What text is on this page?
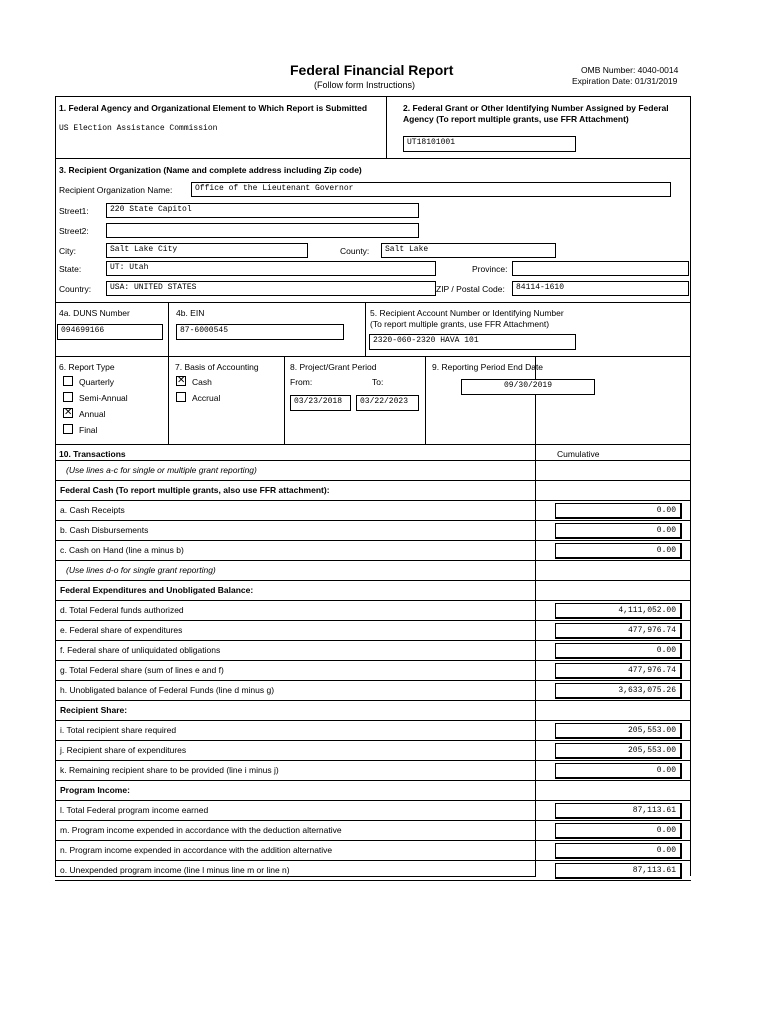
Federal Financial Report
(Follow form Instructions)
OMB Number: 4040-0014
Expiration Date: 01/31/2019
1. Federal Agency and Organizational Element to Which Report is Submitted
US Election Assistance Commission
2. Federal Grant or Other Identifying Number Assigned by Federal
Agency (To report multiple grants, use FFR Attachment)
UT18101001
3. Recipient Organization (Name and complete address including Zip code)
Recipient Organization Name:	Office of the Lieutenant Governor
Street1:	220 State Capitol
Street2:
City:	Salt Lake City	County:	Salt Lake
State:	UT: Utah	Province:
Country:	USA: UNITED STATES	ZIP / Postal Code:	84114-1610
4a. DUNS Number
094699166
4b. EIN
87-6000545
5. Recipient Account Number or Identifying Number
(To report multiple grants, use FFR Attachment)
2320-060-2320 HAVA 101
6. Report Type
Quarterly
Semi-Annual
✕ Annual
Final
7. Basis of Accounting
✕ Cash
Accrual
8. Project/Grant Period
From:
03/23/2018
To:
03/22/2023
9. Reporting Period End Date
09/30/2019
10. Transactions	Cumulative
(Use lines a-c for single or multiple grant reporting)
Federal Cash (To report multiple grants, also use FFR attachment):
a. Cash Receipts	0.00
b. Cash Disbursements	0.00
c. Cash on Hand (line a minus b)	0.00
(Use lines d-o for single grant reporting)
Federal Expenditures and Unobligated Balance:
d. Total Federal funds authorized	4,111,052.00
e. Federal share of expenditures	477,976.74
f. Federal share of unliquidated obligations	0.00
g. Total Federal share (sum of lines e and f)	477,976.74
h. Unobligated balance of Federal Funds (line d minus g)	3,633,075.26
Recipient Share:
i. Total recipient share required	205,553.00
j. Recipient share of expenditures	205,553.00
k. Remaining recipient share to be provided (line i minus j)	0.00
Program Income:
l. Total Federal program income earned	87,113.61
m. Program income expended in accordance with the deduction alternative	0.00
n. Program income expended in accordance with the addition alternative	0.00
o. Unexpended program income (line l minus line m or line n)	87,113.61
